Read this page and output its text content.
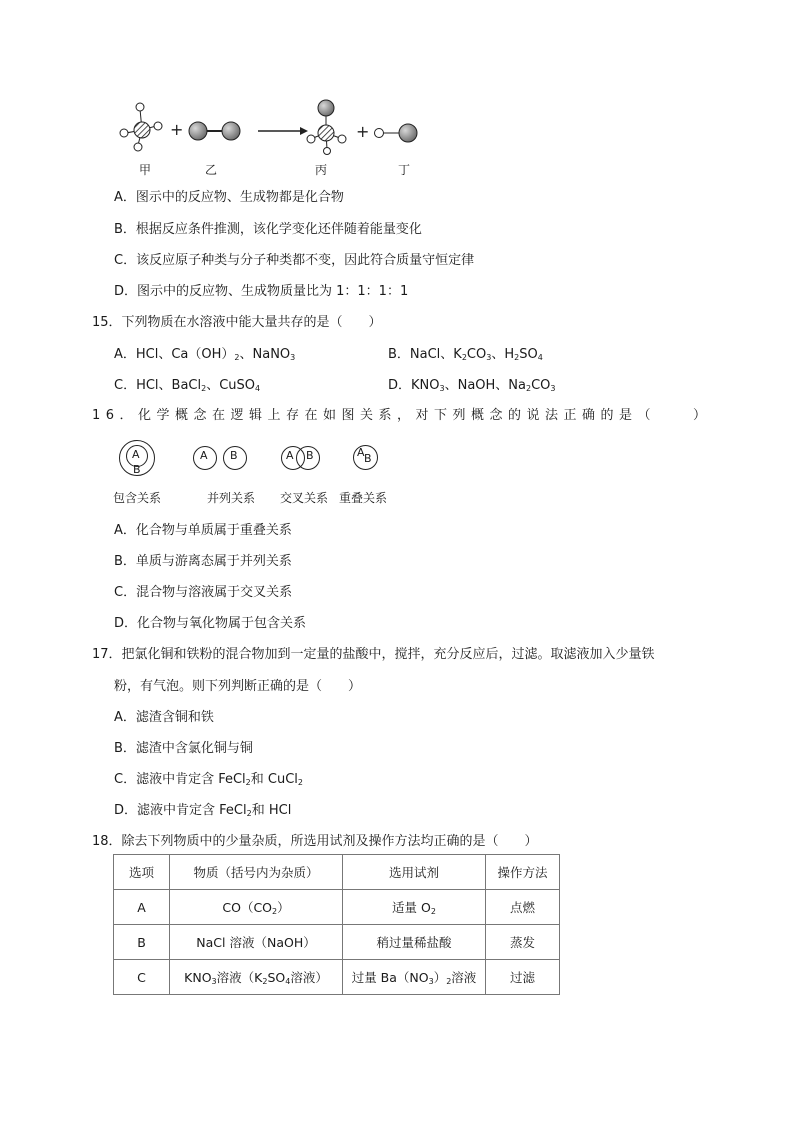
+	+
甲	乙	丙	丁
A．图示中的反应物、生成物都是化合物
B．根据反应条件推测，该化学变化还伴随着能量变化
C．该反应原子种类与分子种类都不变，因此符合质量守恒定律
D．图示中的反应物、生成物质量比为 1：1：1：1
15．下列物质在水溶液中能大量共存的是（　　）
A．HCl、$Ca(OH)_2$、NaNO$_3$	B．NaCl、$K_2CO_3$、$H_2SO_4$
C．HCl、BaCl$_2$、CuSO$_4$	D．$KNO_3$、NaOH、$Na_2CO_3$
16．化学概念在逻辑上存在如图关系，对下列概念的说法正确的是（　　）
A
B
A B	A B	A B
包含关系	并列关系 交叉关系 重叠关系
A．化合物与单质属于重叠关系
B．单质与游离态属于并列关系
C．混合物与溶液属于交叉关系
D．化合物与氧化物属于包含关系
17．把氯化铜和铁粉的混合物加到一定量的盐酸中，搅拌，充分反应后，过滤。取滤液加入少量铁
粉，有气泡。则下列判断正确的是（　　）
A．滤渣含铜和铁
B．滤渣中含氯化铜与铜
C．滤液中肯定含 FeCl$_2$和 CuCl$_2$
D．滤液中肯定含 FeCl$_2$和 HCl
18．除去下列物质中的少量杂质，所选用试剂及操作方法均正确的是（　　）
选项	物质（括号内为杂质）	选用试剂	操作方法
A	$CO(CO_2)$	适量 $O_2$	点燃
B	NaCl 溶液（NaOH）	稍过量稀盐酸	蒸发
C	$KNO_3$溶液（$K_2SO_4$溶液）	过量 $Ba(NO_3)_2$溶液	过滤
